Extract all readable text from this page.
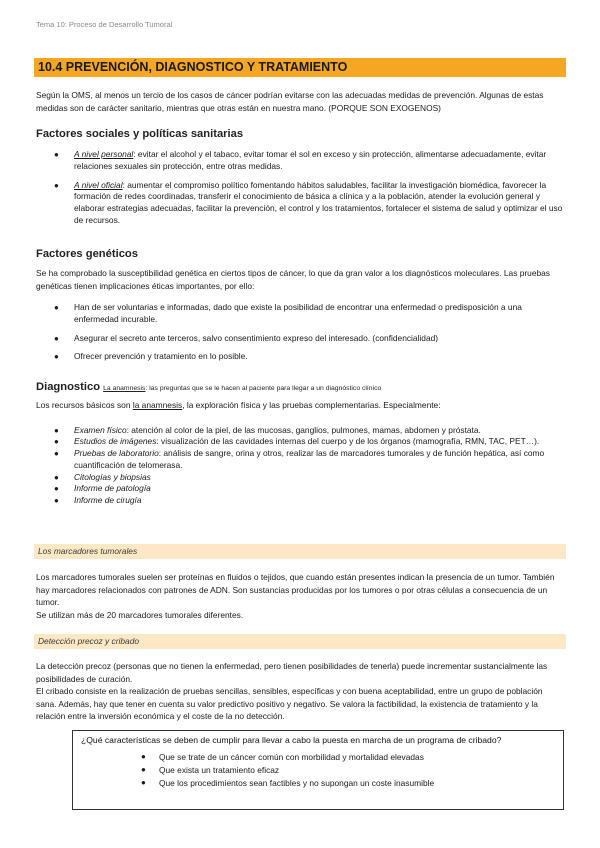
Tema 10: Proceso de Desarrollo Tumoral
10.4 PREVENCIÓN, DIAGNOSTICO Y TRATAMIENTO

Según la OMS, al menos un tercio de los casos de cáncer podrían evitarse con las adecuadas medidas de prevención. Algunas de estas medidas son de carácter sanitario, mientras que otras están en nuestra mano. (PORQUE SON EXOGENOS)

Factores sociales y políticas sanitarias
● A nivel personal: evitar el alcohol y el tabaco, evitar tomar el sol en exceso y sin protección, alimentarse adecuadamente, evitar relaciones sexuales sin protección, entre otras medidas.
● A nivel oficial: aumentar el compromiso político fomentando hábitos saludables, facilitar la investigación biomédica, favorecer la formación de redes coordinadas, transferir el conocimiento de básica a clínica y a la población, atender la evolución general y elaborar estrategias adecuadas, facilitar la prevención, el control y los tratamientos, fortalecer el sistema de salud y optimizar el uso de recursos.
Factores genéticos

Se ha comprobado la susceptibilidad genética en ciertos tipos de cáncer, lo que da gran valor a los diagnósticos moleculares. Las pruebas genéticas tienen implicaciones éticas importantes, por ello:

● Han de ser voluntarias e informadas, dado que existe la posibilidad de encontrar una enfermedad o predisposición a una enfermedad incurable.
● Asegurar el secreto ante terceros, salvo consentimiento expreso del interesado. (confidencialidad)
● Ofrecer prevención y tratamiento en lo posible.
Diagnostico La anamnesis: las preguntas que se le hacen al paciente para llegar a un diagnóstico clínico

Los recursos básicos son la anamnesis, la exploración física y las pruebas complementarias. Especialmente:

● Examen físico: atención al color de la piel, de las mucosas, ganglios, pulmones, mamas, abdomen y próstata.
● Estudios de imágenes: visualización de las cavidades internas del cuerpo y de los órganos (mamografía, RMN, TAC, PET…).
● Pruebas de laboratorio: análisis de sangre, orina y otros, realizar las de marcadores tumorales y de función hepática, así como cuantificación de telomerasa.
● Citologías y biopsias
● Informe de patología
● Informe de cirugía
Los marcadores tumorales

Los marcadores tumorales suelen ser proteínas en fluidos o tejidos, que cuando están presentes indican la presencia de un tumor. También hay marcadores relacionados con patrones de ADN. Son sustancias producidas por los tumores o por otras células a consecuencia de un tumor.

Se utilizan más de 20 marcadores tumorales diferentes.

Detección precoz y cribado

La detección precoz (personas que no tienen la enfermedad, pero tienen posibilidades de tenerla) puede incrementar sustancialmente las posibilidades de curación.

El cribado consiste en la realización de pruebas sencillas, sensibles, específicas y con buena aceptabilidad, entre un grupo de población sana. Además, hay que tener en cuenta su valor predictivo positivo y negativo. Se valora la factibilidad, la existencia de tratamiento y la relación entre la inversión económica y el coste de la no detección.

¿Qué características se deben de cumplir para llevar a cabo la puesta en marcha de un programa de cribado?

● Que se trate de un cáncer común con morbilidad y mortalidad elevadas
● Que exista un tratamiento eficaz
● Que los procedimientos sean factibles y no supongan un coste inasumible
